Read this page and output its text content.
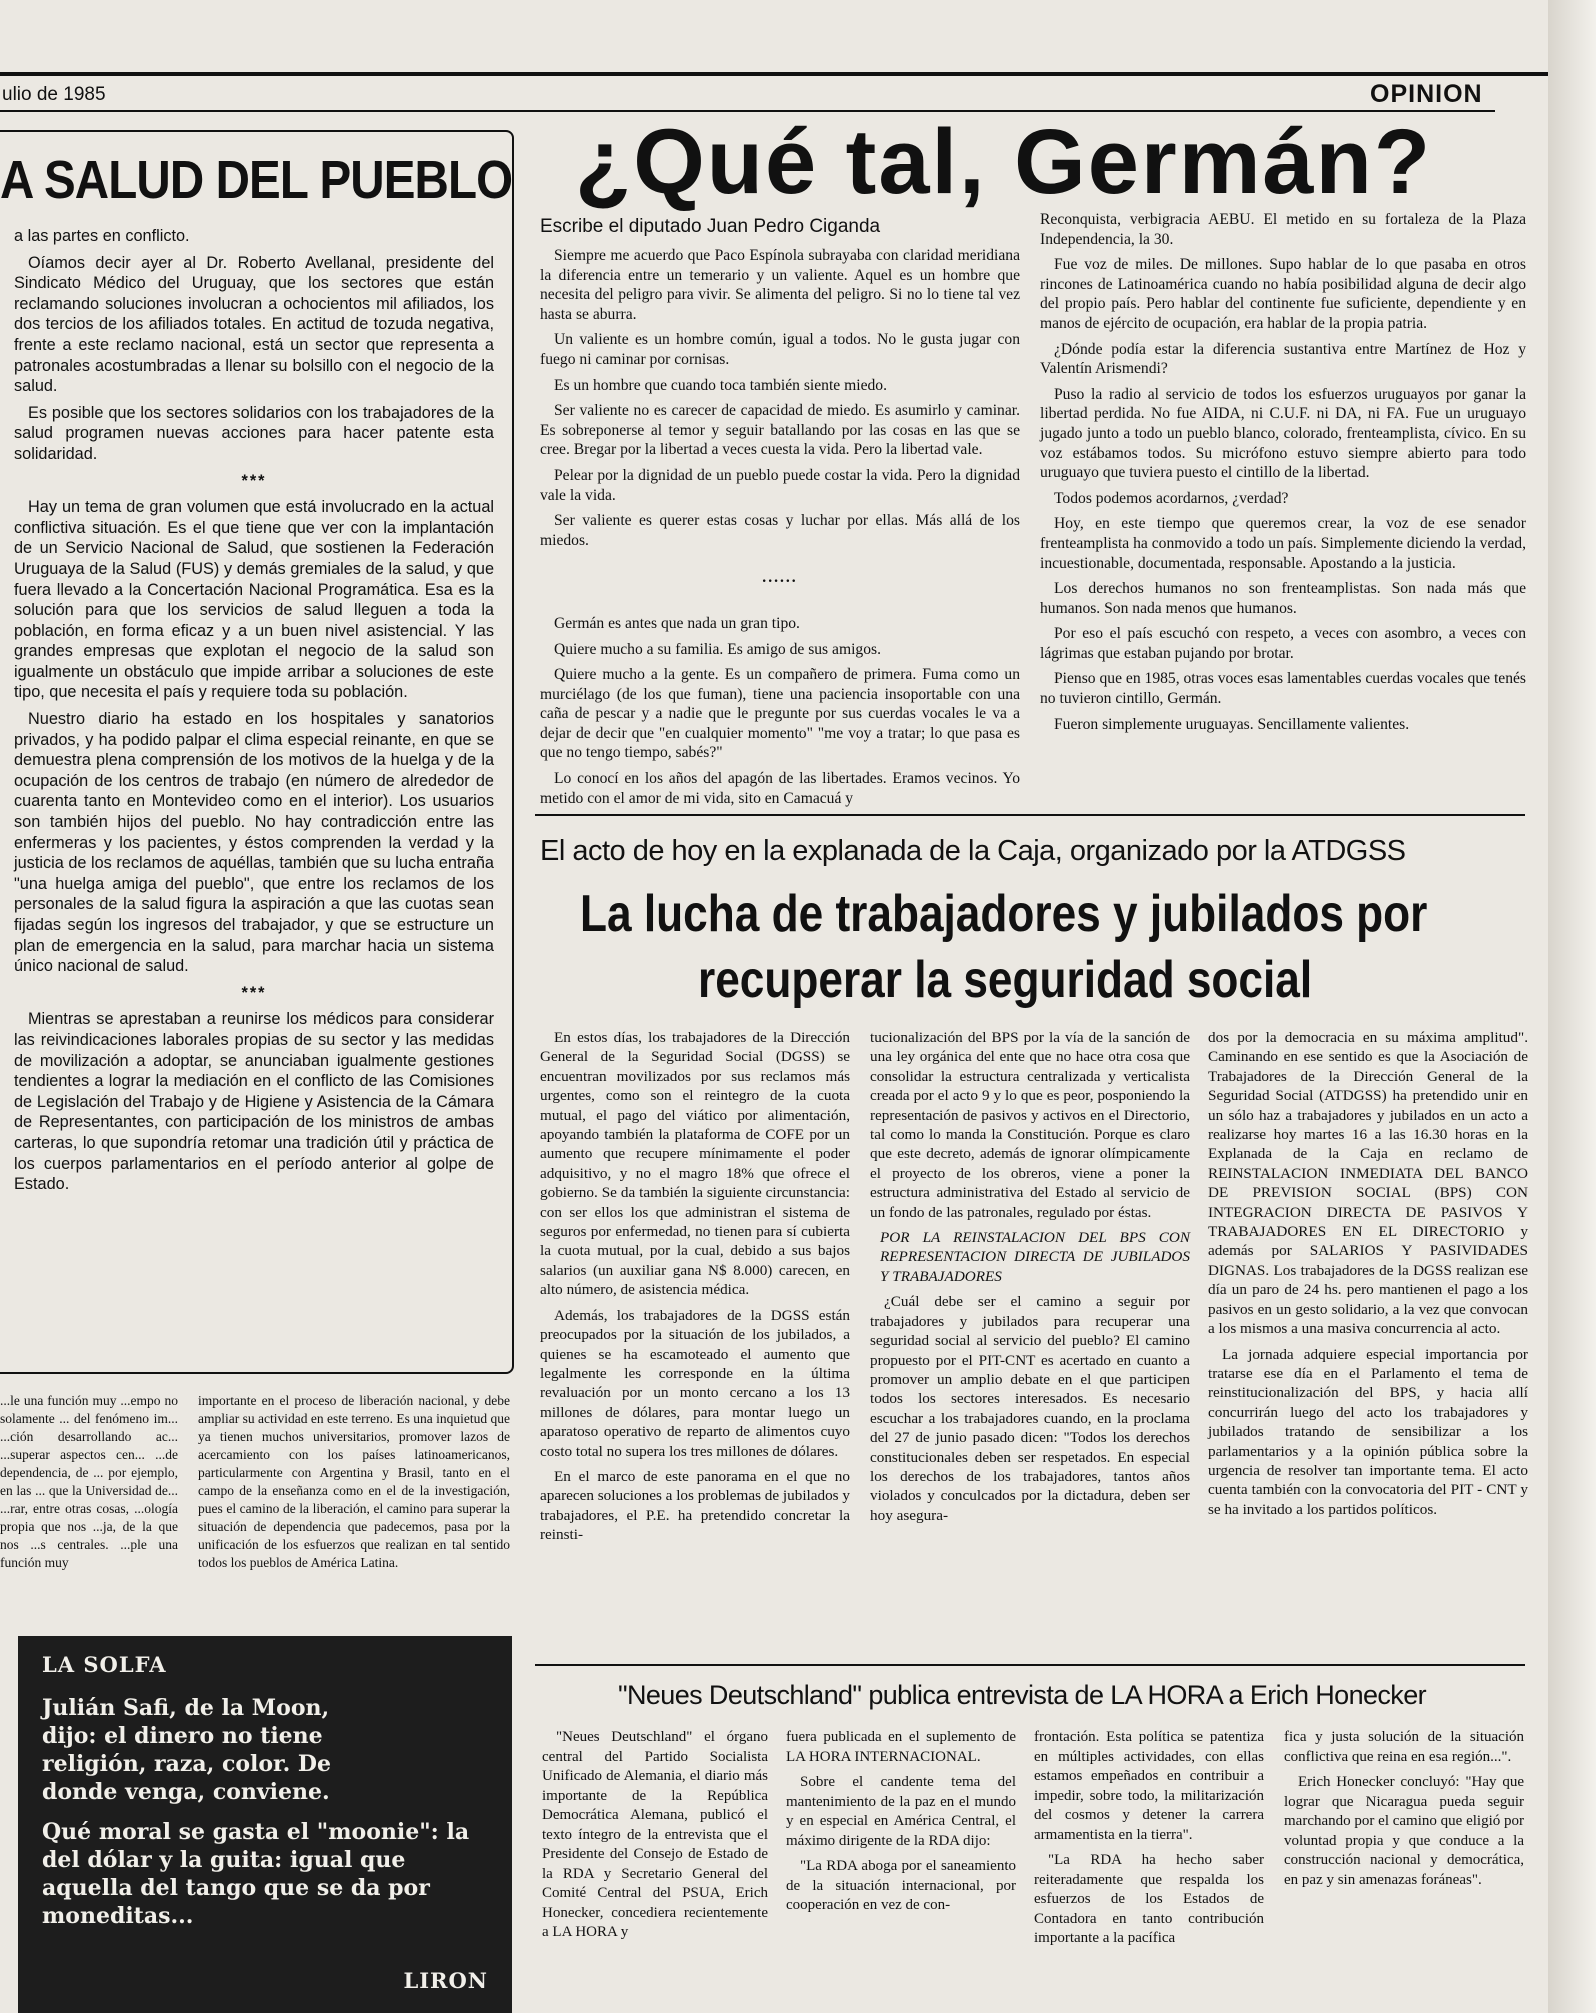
ulio de 1985	OPINION
A SALUD DEL PUEBLO

a las partes en conflicto.

Oíamos decir ayer al Dr. Roberto Avellanal, presidente del Sindicato Médico del Uruguay, que los sectores que están reclamando soluciones involucran a ochocientos mil afiliados, los dos tercios de los afiliados totales. En actitud de tozuda negativa, frente a este reclamo nacional, está un sector que representa a patronales acostumbradas a llenar su bolsillo con el negocio de la salud.

Es posible que los sectores solidarios con los trabajadores de la salud programen nuevas acciones para hacer patente esta solidaridad.

***

Hay un tema de gran volumen que está involucrado en la actual conflictiva situación. Es el que tiene que ver con la implantación de un Servicio Nacional de Salud, que sostienen la Federación Uruguaya de la Salud (FUS) y demás gremiales de la salud, y que fuera llevado a la Concertación Nacional Programática. Esa es la solución para que los servicios de salud lleguen a toda la población, en forma eficaz y a un buen nivel asistencial. Y las grandes empresas que explotan el negocio de la salud son igualmente un obstáculo que impide arribar a soluciones de este tipo, que necesita el país y requiere toda su población.

Nuestro diario ha estado en los hospitales y sanatorios privados, y ha podido palpar el clima especial reinante, en que se demuestra plena comprensión de los motivos de la huelga y de la ocupación de los centros de trabajo (en número de alrededor de cuarenta tanto en Montevideo como en el interior). Los usuarios son también hijos del pueblo. No hay contradicción entre las enfermeras y los pacientes, y éstos comprenden la verdad y la justicia de los reclamos de aquéllas, también que su lucha entraña "una huelga amiga del pueblo", que entre los reclamos de los personales de la salud figura la aspiración a que las cuotas sean fijadas según los ingresos del trabajador, y que se estructure un plan de emergencia en la salud, para marchar hacia un sistema único nacional de salud.

***

Mientras se aprestaban a reunirse los médicos para considerar las reivindicaciones laborales propias de su sector y las medidas de movilización a adoptar, se anunciaban igualmente gestiones tendientes a lograr la mediación en el conflicto de las Comisiones de Legislación del Trabajo y de Higiene y Asistencia de la Cámara de Representantes, con participación de los ministros de ambas carteras, lo que supondría retomar una tradición útil y práctica de los cuerpos parlamentarios en el período anterior al golpe de Estado.

...le una función muy ...empo no solamente ... del fenómeno im... ...ción desarrollando ac... ...superar aspectos cen... ...de dependencia, de ... por ejemplo, en las ... que la Universidad de... ...rar, entre otras cosas, ...ología propia que nos ...ja, de la que nos ...s centrales. ...ple una función muy
importante en el proceso de liberación nacional, y debe ampliar su actividad en este terreno. Es una inquietud que ya tienen muchos universitarios, promover lazos de acercamiento con los países latinoamericanos, particularmente con Argentina y Brasil, tanto en el campo de la enseñanza como en el de la investigación, pues el camino de la liberación, el camino para superar la situación de dependencia que padecemos, pasa por la unificación de los esfuerzos que realizan en tal sentido todos los pueblos de América Latina.
LA SOLFA

Julián Safi, de la Moon, dijo: el dinero no tiene religión, raza, color. De donde venga, conviene.

Qué moral se gasta el "moonie": la del dólar y la guita: igual que aquella del tango que se da por moneditas...

LIRON
¿Qué tal, Germán?
Escribe el diputado Juan Pedro Ciganda

Siempre me acuerdo que Paco Espínola subrayaba con claridad meridiana la diferencia entre un temerario y un valiente. Aquel es un hombre que necesita del peligro para vivir. Se alimenta del peligro. Si no lo tiene tal vez hasta se aburra.

Un valiente es un hombre común, igual a todos. No le gusta jugar con fuego ni caminar por cornisas.

Es un hombre que cuando toca también siente miedo.

Ser valiente no es carecer de capacidad de miedo. Es asumirlo y caminar. Es sobreponerse al temor y seguir batallando por las cosas en las que se cree. Bregar por la libertad a veces cuesta la vida. Pero la libertad vale.

Pelear por la dignidad de un pueblo puede costar la vida. Pero la dignidad vale la vida.

Ser valiente es querer estas cosas y luchar por ellas. Más allá de los miedos.

......

Germán es antes que nada un gran tipo.

Quiere mucho a su familia. Es amigo de sus amigos.

Quiere mucho a la gente. Es un compañero de primera. Fuma como un murciélago (de los que fuman), tiene una paciencia insoportable con una caña de pescar y a nadie que le pregunte por sus cuerdas vocales le va a dejar de decir que "en cualquier momento" "me voy a tratar; lo que pasa es que no tengo tiempo, sabés?"

Lo conocí en los años del apagón de las libertades. Eramos vecinos. Yo metido con el amor de mi vida, sito en Camacuá y

Reconquista, verbigracia AEBU. El metido en su fortaleza de la Plaza Independencia, la 30.

Fue voz de miles. De millones. Supo hablar de lo que pasaba en otros rincones de Latinoamérica cuando no había posibilidad alguna de decir algo del propio país. Pero hablar del continente fue suficiente, dependiente y en manos de ejército de ocupación, era hablar de la propia patria.

¿Dónde podía estar la diferencia sustantiva entre Martínez de Hoz y Valentín Arismendi?

Puso la radio al servicio de todos los esfuerzos uruguayos por ganar la libertad perdida. No fue AIDA, ni C.U.F. ni DA, ni FA. Fue un uruguayo jugado junto a todo un pueblo blanco, colorado, frenteamplista, cívico. En su voz estábamos todos. Su micrófono estuvo siempre abierto para todo uruguayo que tuviera puesto el cintillo de la libertad.

Todos podemos acordarnos, ¿verdad?

Hoy, en este tiempo que queremos crear, la voz de ese senador frenteamplista ha conmovido a todo un país. Simplemente diciendo la verdad, incuestionable, documentada, responsable. Apostando a la justicia.

Los derechos humanos no son frenteamplistas. Son nada más que humanos. Son nada menos que humanos.

Por eso el país escuchó con respeto, a veces con asombro, a veces con lágrimas que estaban pujando por brotar.

Pienso que en 1985, otras voces esas lamentables cuerdas vocales que tenés no tuvieron cintillo, Germán.

Fueron simplemente uruguayas. Sencillamente valientes.

El acto de hoy en la explanada de la Caja, organizado por la ATDGSS
La lucha de trabajadores y jubilados por
recuperar la seguridad social

En estos días, los trabajadores de la Dirección General de la Seguridad Social (DGSS) se encuentran movilizados por sus reclamos más urgentes, como son el reintegro de la cuota mutual, el pago del viático por alimentación, apoyando también la plataforma de COFE por un aumento que recupere mínimamente el poder adquisitivo, y no el magro 18% que ofrece el gobierno. Se da también la siguiente circunstancia: con ser ellos los que administran el sistema de seguros por enfermedad, no tienen para sí cubierta la cuota mutual, por la cual, debido a sus bajos salarios (un auxiliar gana N$ 8.000) carecen, en alto número, de asistencia médica.

Además, los trabajadores de la DGSS están preocupados por la situación de los jubilados, a quienes se ha escamoteado el aumento que legalmente les corresponde en la última revaluación por un monto cercano a los 13 millones de dólares, para montar luego un aparatoso operativo de reparto de alimentos cuyo costo total no supera los tres millones de dólares.

En el marco de este panorama en el que no aparecen soluciones a los problemas de jubilados y trabajadores, el P.E. ha pretendido concretar la reinsti-

tucionalización del BPS por la vía de la sanción de una ley orgánica del ente que no hace otra cosa que consolidar la estructura centralizada y verticalista creada por el acto 9 y lo que es peor, posponiendo la representación de pasivos y activos en el Directorio, tal como lo manda la Constitución. Porque es claro que este decreto, además de ignorar olímpicamente el proyecto de los obreros, viene a poner la estructura administrativa del Estado al servicio de un fondo de las patronales, regulado por éstas.

POR LA REINSTALACION DEL BPS CON REPRESENTACION DIRECTA DE JUBILADOS Y TRABAJADORES

¿Cuál debe ser el camino a seguir por trabajadores y jubilados para recuperar una seguridad social al servicio del pueblo? El camino propuesto por el PIT-CNT es acertado en cuanto a promover un amplio debate en el que participen todos los sectores interesados. Es necesario escuchar a los trabajadores cuando, en la proclama del 27 de junio pasado dicen: "Todos los derechos constitucionales deben ser respetados. En especial los derechos de los trabajadores, tantos años violados y conculcados por la dictadura, deben ser hoy asegura-

dos por la democracia en su máxima amplitud". Caminando en ese sentido es que la Asociación de Trabajadores de la Dirección General de la Seguridad Social (ATDGSS) ha pretendido unir en un sólo haz a trabajadores y jubilados en un acto a realizarse hoy martes 16 a las 16.30 horas en la Explanada de la Caja en reclamo de REINSTALACION INMEDIATA DEL BANCO DE PREVISION SOCIAL (BPS) CON INTEGRACION DIRECTA DE PASIVOS Y TRABAJADORES EN EL DIRECTORIO y además por SALARIOS Y PASIVIDADES DIGNAS. Los trabajadores de la DGSS realizan ese día un paro de 24 hs. pero mantienen el pago a los pasivos en un gesto solidario, a la vez que convocan a los mismos a una masiva concurrencia al acto.

La jornada adquiere especial importancia por tratarse ese día en el Parlamento el tema de reinstitucionalización del BPS, y hacia allí concurrirán luego del acto los trabajadores y jubilados tratando de sensibilizar a los parlamentarios y a la opinión pública sobre la urgencia de resolver tan importante tema. El acto cuenta también con la convocatoria del PIT - CNT y se ha invitado a los partidos políticos.

"Neues Deutschland" publica entrevista de LA HORA a Erich Honecker

"Neues Deutschland" el órgano central del Partido Socialista Unificado de Alemania, el diario más importante de la República Democrática Alemana, publicó el texto íntegro de la entrevista que el Presidente del Consejo de Estado de la RDA y Secretario General del Comité Central del PSUA, Erich Honecker, concediera recientemente a LA HORA y

fuera publicada en el suplemento de LA HORA INTERNACIONAL.

Sobre el candente tema del mantenimiento de la paz en el mundo y en especial en América Central, el máximo dirigente de la RDA dijo:

"La RDA aboga por el saneamiento de la situación internacional, por cooperación en vez de con-

frontación. Esta política se patentiza en múltiples actividades, con ellas estamos empeñados en contribuir a impedir, sobre todo, la militarización del cosmos y detener la carrera armamentista en la tierra".

"La RDA ha hecho saber reiteradamente que respalda los esfuerzos de los Estados de Contadora en tanto contribución importante a la pacífica

fica y justa solución de la situación conflictiva que reina en esa región...".

Erich Honecker concluyó: "Hay que lograr que Nicaragua pueda seguir marchando por el camino que eligió por voluntad propia y que conduce a la construcción nacional y democrática, en paz y sin amenazas foráneas".
